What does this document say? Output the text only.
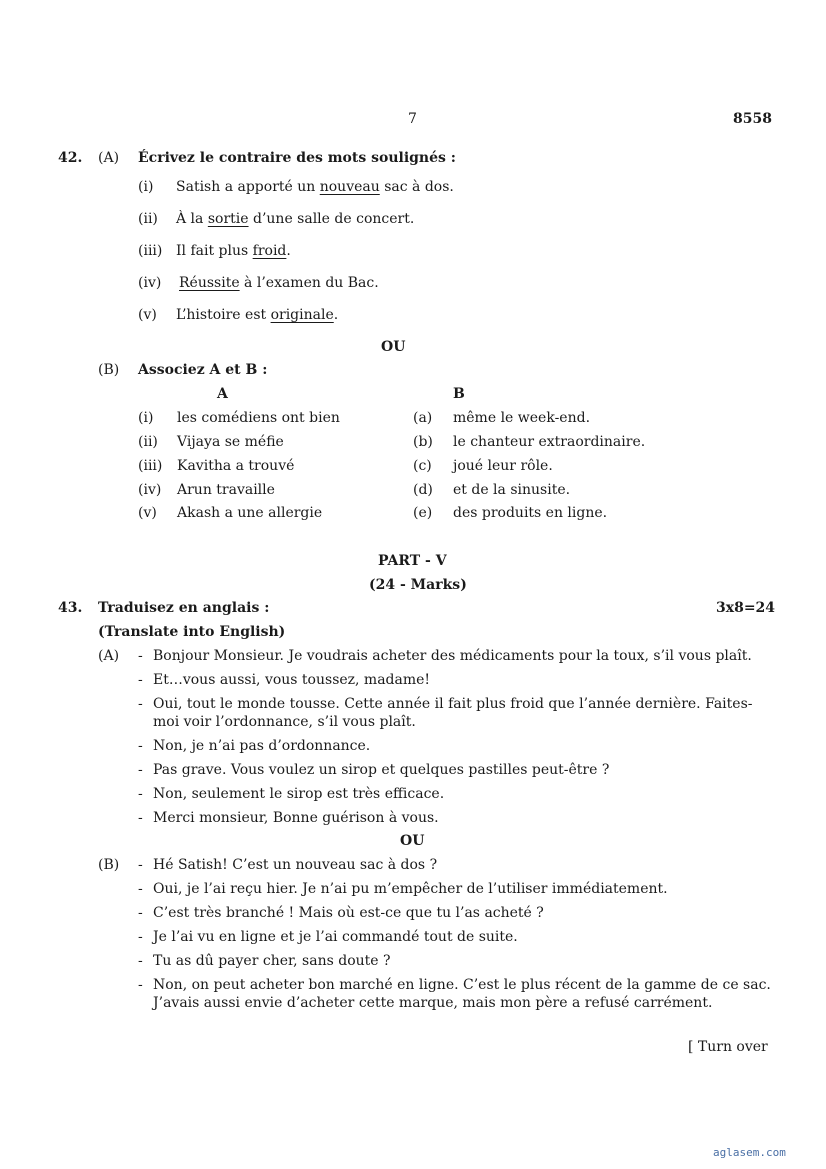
7	8558
42. (A) Écrivez le contraire des mots soulignés :
(i) Satish a apporté un nouveau sac à dos.
(ii) À la sortie d’une salle de concert.
(iii) Il fait plus froid.
(iv) Réussite à l’examen du Bac.
(v) L’histoire est originale.
OU
(B) Associez A et B :
A	B
(i) les comédiens ont bien	(a) même le week-end.
(ii) Vijaya se méfie	(b) le chanteur extraordinaire.
(iii) Kavitha a trouvé	(c) joué leur rôle.
(iv) Arun travaille	(d) et de la sinusite.
(v) Akash a une allergie	(e) des produits en ligne.
PART - V
(24 - Marks)
43. Traduisez en anglais :	3x8=24
(Translate into English)
(A) - Bonjour Monsieur. Je voudrais acheter des médicaments pour la toux, s’il vous plaît.
- Et…vous aussi, vous toussez, madame!
- Oui, tout le monde tousse. Cette année il fait plus froid que l’année dernière. Faites-
moi voir l’ordonnance, s’il vous plaît.
- Non, je n’ai pas d’ordonnance.
- Pas grave. Vous voulez un sirop et quelques pastilles peut-être ?
- Non, seulement le sirop est très efficace.
- Merci monsieur, Bonne guérison à vous.
OU
(B) - Hé Satish! C’est un nouveau sac à dos ?
- Oui, je l’ai reçu hier. Je n’ai pu m’empêcher de l’utiliser immédiatement.
- C’est très branché ! Mais où est-ce que tu l’as acheté ?
- Je l’ai vu en ligne et je l’ai commandé tout de suite.
- Tu as dû payer cher, sans doute ?
- Non, on peut acheter bon marché en ligne. C’est le plus récent de la gamme de ce sac.
J’avais aussi envie d’acheter cette marque, mais mon père a refusé carrément.
[ Turn over
aglasem.com
